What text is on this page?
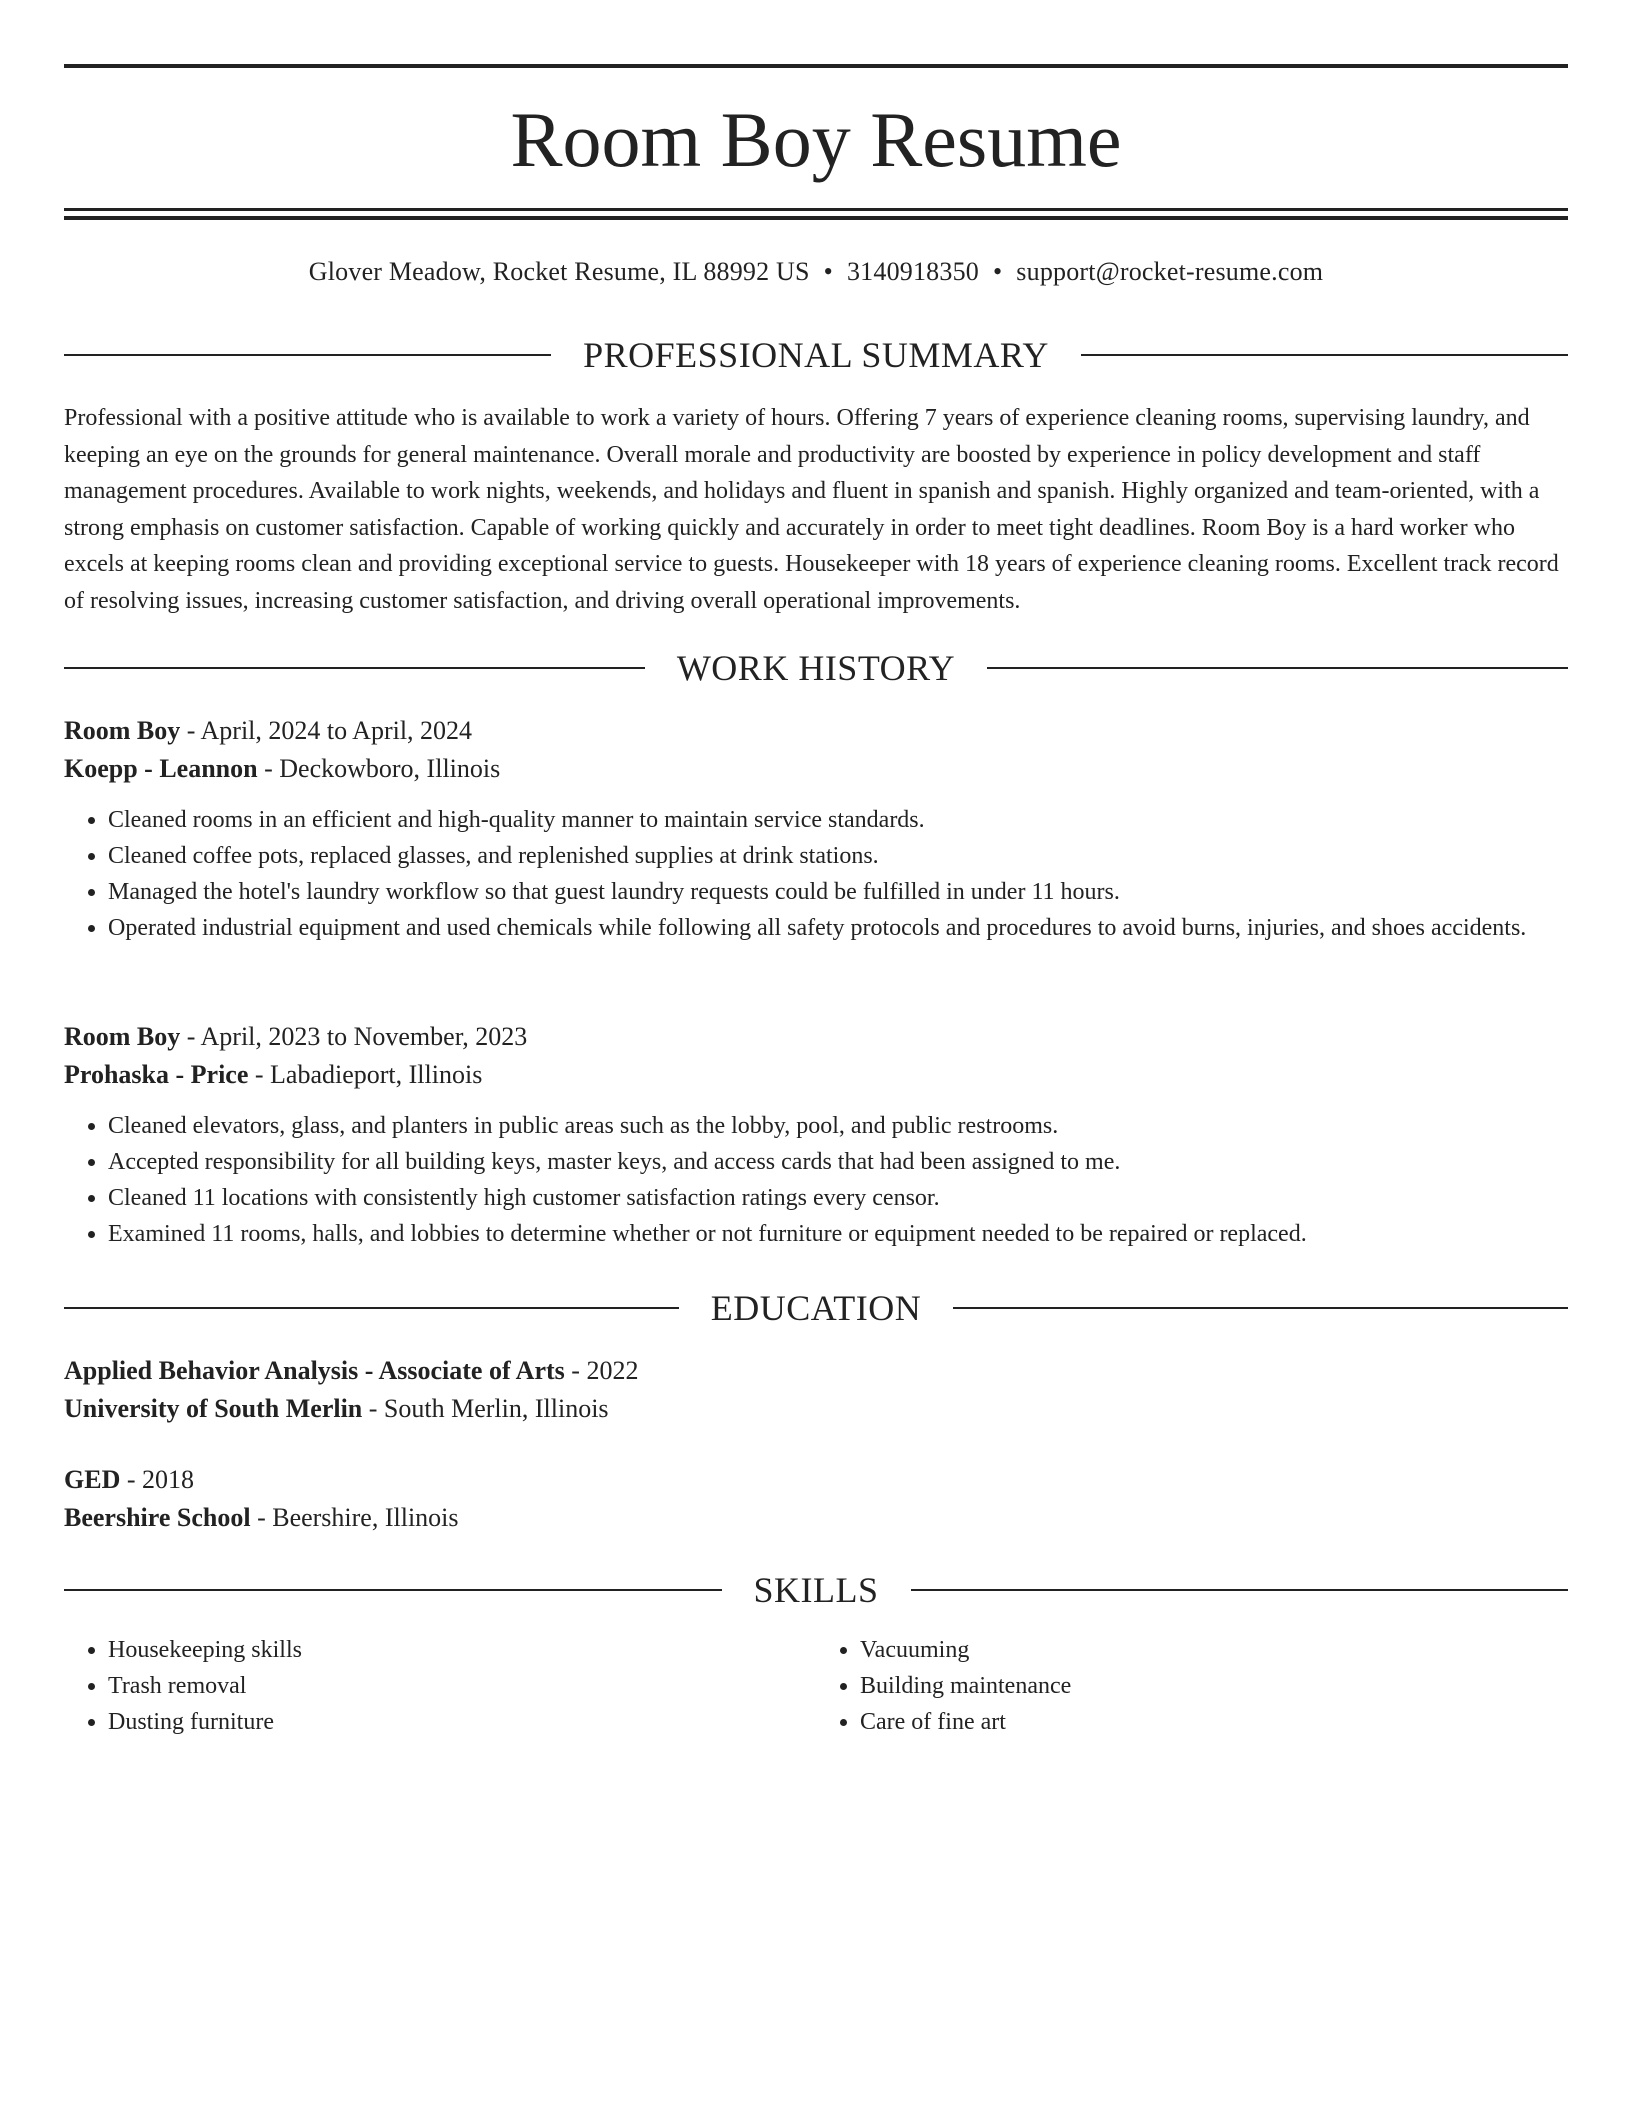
Room Boy Resume
Glover Meadow, Rocket Resume, IL 88992 US • 3140918350 • support@rocket-resume.com
PROFESSIONAL SUMMARY

Professional with a positive attitude who is available to work a variety of hours. Offering 7 years of experience cleaning rooms, supervising laundry, and keeping an eye on the grounds for general maintenance. Overall morale and productivity are boosted by experience in policy development and staff management procedures. Available to work nights, weekends, and holidays and fluent in spanish and spanish. Highly organized and team-oriented, with a strong emphasis on customer satisfaction. Capable of working quickly and accurately in order to meet tight deadlines. Room Boy is a hard worker who excels at keeping rooms clean and providing exceptional service to guests. Housekeeper with 18 years of experience cleaning rooms. Excellent track record of resolving issues, increasing customer satisfaction, and driving overall operational improvements.

WORK HISTORY
Room Boy - April, 2024 to April, 2024
Koepp - Leannon - Deckowboro, Illinois
• Cleaned rooms in an efficient and high-quality manner to maintain service standards.
• Cleaned coffee pots, replaced glasses, and replenished supplies at drink stations.
• Managed the hotel's laundry workflow so that guest laundry requests could be fulfilled in under 11 hours.
• Operated industrial equipment and used chemicals while following all safety protocols and procedures to avoid burns, injuries, and shoes accidents.
Room Boy - April, 2023 to November, 2023
Prohaska - Price - Labadieport, Illinois
• Cleaned elevators, glass, and planters in public areas such as the lobby, pool, and public restrooms.
• Accepted responsibility for all building keys, master keys, and access cards that had been assigned to me.
• Cleaned 11 locations with consistently high customer satisfaction ratings every censor.
• Examined 11 rooms, halls, and lobbies to determine whether or not furniture or equipment needed to be repaired or replaced.
EDUCATION
Applied Behavior Analysis - Associate of Arts - 2022
University of South Merlin - South Merlin, Illinois
GED - 2018
Beershire School - Beershire, Illinois
SKILLS
• Housekeeping skills
• Trash removal
• Dusting furniture
• Vacuuming
• Building maintenance
• Care of fine art
